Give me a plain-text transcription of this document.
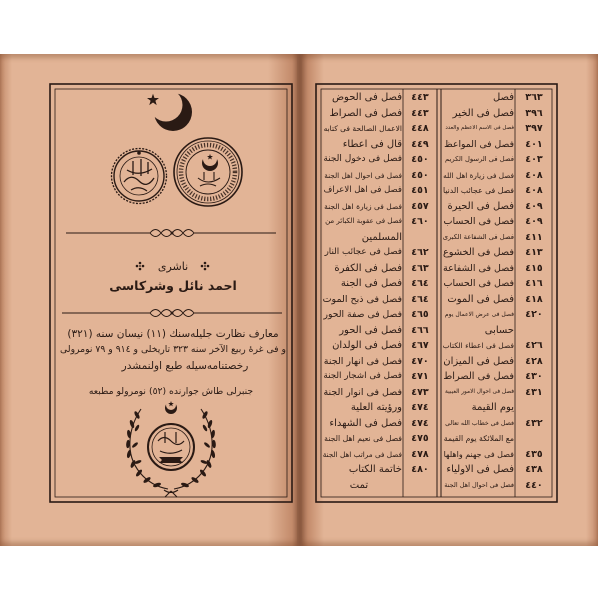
ناشری
احمد نائل وشرکاسی
معارف نظارت جلیله‌سنك (١١) نیسان سنه (٣٢١)
و فی غرۀ ربیع الآخر سنه ٣٢٣ تاریخلی و ٩١٤ و ٧٩ نومرولی
رخصتنامه‌سیله طبع اولنمشدر
جنبرلی طاش جوارنده (٥٢) نومرولو مطبعه
فصل	٣٦٣
فصل فی الخیر	٣٩٦
فصل فی الاسم الاعظم والعدد	٣٩٧
فصل فی المواعظ	٤٠١
فصل فی الرسول الکریم	٤٠٣
فصل فی زیارة اهل الله	٤٠٨
فصل فی عجائب الدنیا	٤٠٨
فصل فی الحیرة	٤٠٩
فصل فی الحساب	٤٠٩
فصل فی الشفاعة الکبری	٤١١
فصل فی الخشوع	٤١٣
فصل فی الشفاعة	٤١٥
فصل فی الحساب	٤١٦
فصل فی الموت	٤١٨
فصل فی عرض الاعمال یوم	٤٢٠
حسابی
فصل فی اعطاء الکتاب	٤٢٦
فصل فی المیزان	٤٢٨
فصل فی الصراط	٤٣٠
فصل فی احوال الامور الغیبیة	٤٣١
یوم القیمة
فصل فی خطاب الله تعالی	٤٣٢
مع الملائکة یوم القیمة
فصل فی جهنم واهلها	٤٣٥
فصل فی الاولیاء	٤٣٨
فصل فی احوال اهل الجنة	٤٤٠
فصل فی الحوض ٤٤٣
فصل فی الصراط ٤٤٣
الاعمال الصالحة فی کتابه ٤٤٨
قال فی اعطاء ٤٤٩
فصل فی دخول الجنة ٤٥٠
فصل فی احوال اهل الجنة ٤٥٠
فصل فی اهل الاعراف ٤٥١
فصل فی زیارة اهل الجنة ٤٥٧
فصل فی عقوبة الکبائر من ٤٦٠
المسلمین
فصل فی عجائب النار ٤٦٢
فصل فی الکفرة ٤٦٣
فصل فی الجنة ٤٦٤
فصل فی ذبح الموت ٤٦٤
فصل فی صفة الحور ٤٦٥
فصل فی الحور ٤٦٦
فصل فی الولدان ٤٦٧
فصل فی انهار الجنة ٤٧٠
فصل فی اشجار الجنة ٤٧١
فصل فی انوار الجنة ٤٧٣
ورؤیته العلیة ٤٧٤
فصل فی الشهداء ٤٧٤
فصل فی نعیم اهل الجنة ٤٧٥
فصل فی مراتب اهل الجنة ٤٧٨
خاتمة الکتاب ٤٨٠
تمت
